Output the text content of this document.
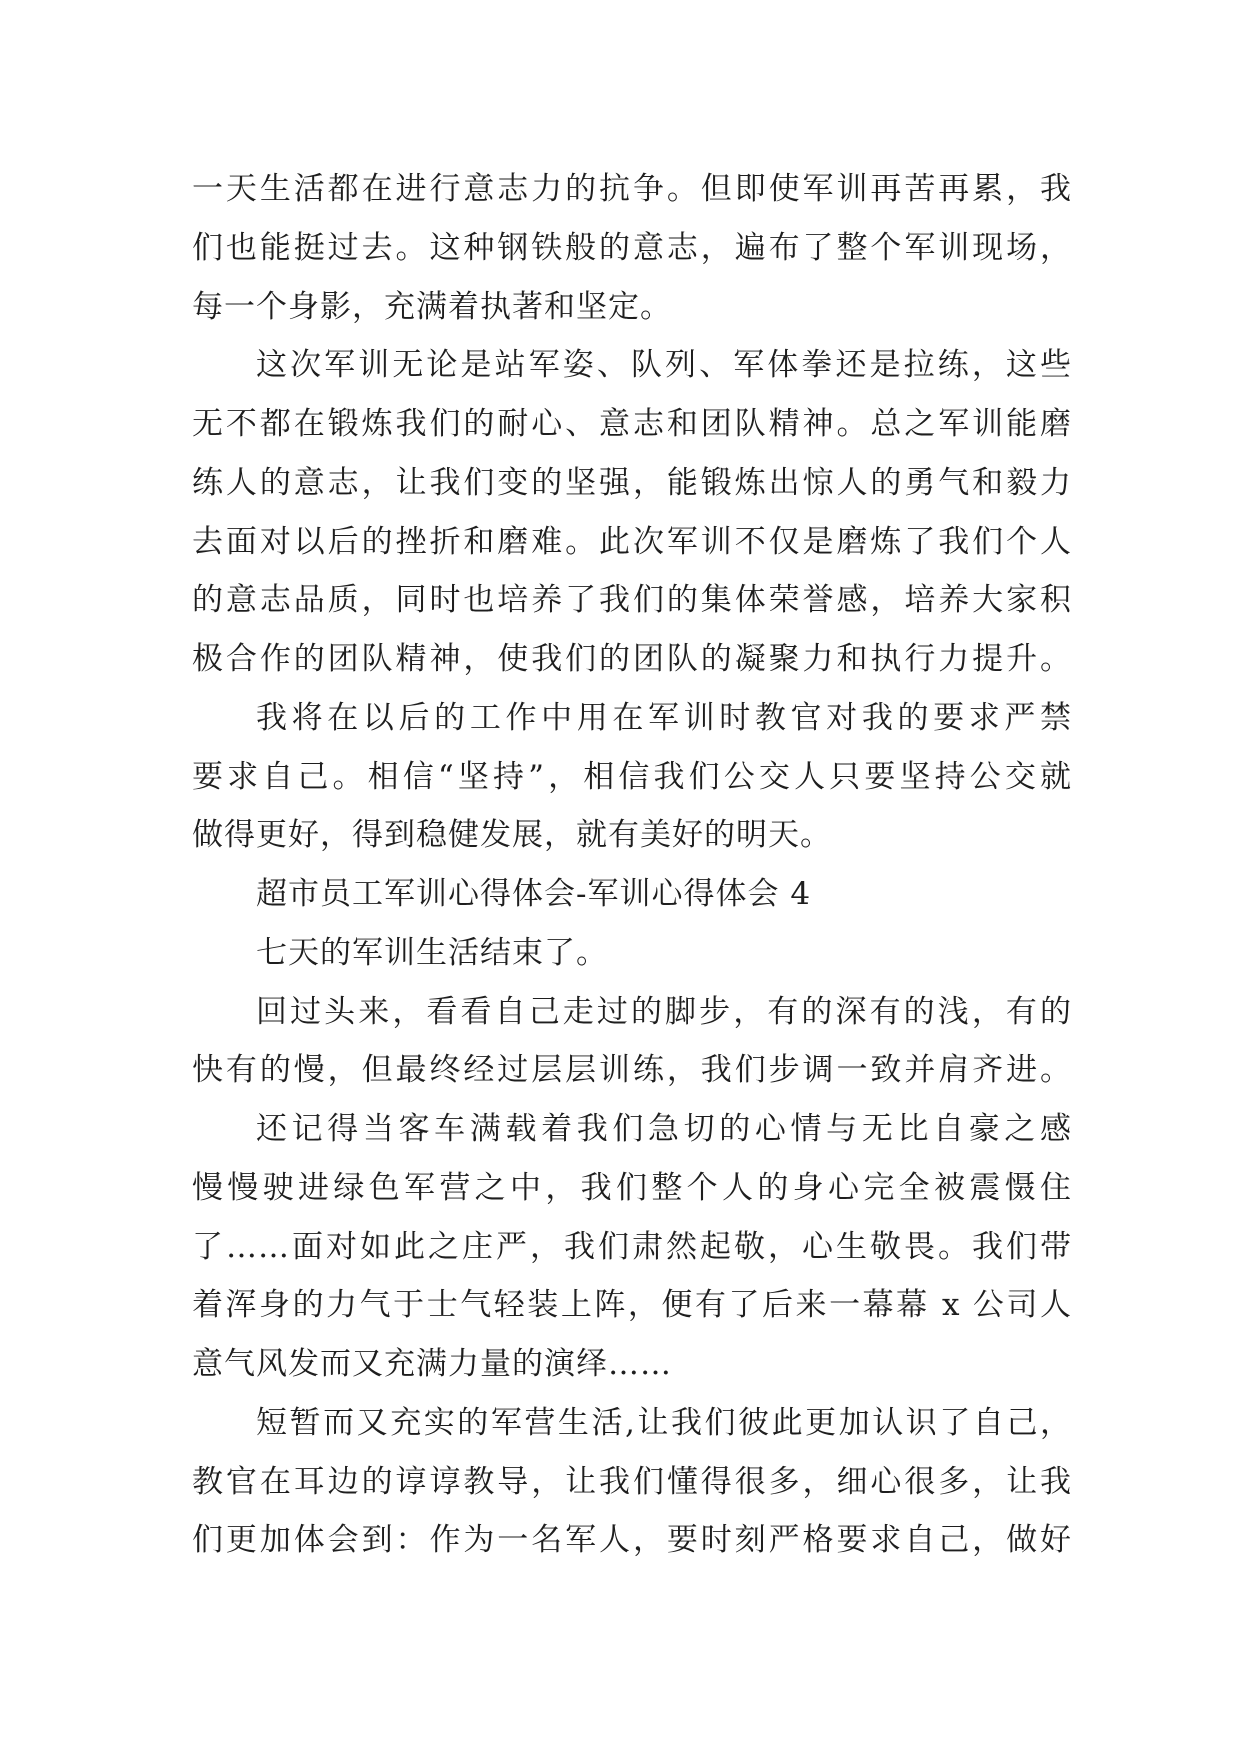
一天生活都在进行意志力的抗争。但即使军训再苦再累，我
们也能挺过去。这种钢铁般的意志，遍布了整个军训现场，
每一个身影，充满着执著和坚定。
这次军训无论是站军姿、队列、军体拳还是拉练，这些
无不都在锻炼我们的耐心、意志和团队精神。总之军训能磨
练人的意志，让我们变的坚强，能锻炼出惊人的勇气和毅力
去面对以后的挫折和磨难。此次军训不仅是磨炼了我们个人
的意志品质，同时也培养了我们的集体荣誉感，培养大家积
极合作的团队精神，使我们的团队的凝聚力和执行力提升。
我将在以后的工作中用在军训时教官对我的要求严禁
要求自己。相信“坚持”，相信我们公交人只要坚持公交就
做得更好，得到稳健发展，就有美好的明天。
超市员工军训心得体会-军训心得体会 4
七天的军训生活结束了。
回过头来，看看自己走过的脚步，有的深有的浅，有的
快有的慢，但最终经过层层训练，我们步调一致并肩齐进。
还记得当客车满载着我们急切的心情与无比自豪之感
慢慢驶进绿色军营之中，我们整个人的身心完全被震慑住
了……面对如此之庄严，我们肃然起敬，心生敬畏。我们带
着浑身的力气于士气轻装上阵，便有了后来一幕幕 x 公司人
意气风发而又充满力量的演绎……
短暂而又充实的军营生活,让我们彼此更加认识了自己，
教官在耳边的谆谆教导，让我们懂得很多，细心很多，让我
们更加体会到：作为一名军人，要时刻严格要求自己，做好
